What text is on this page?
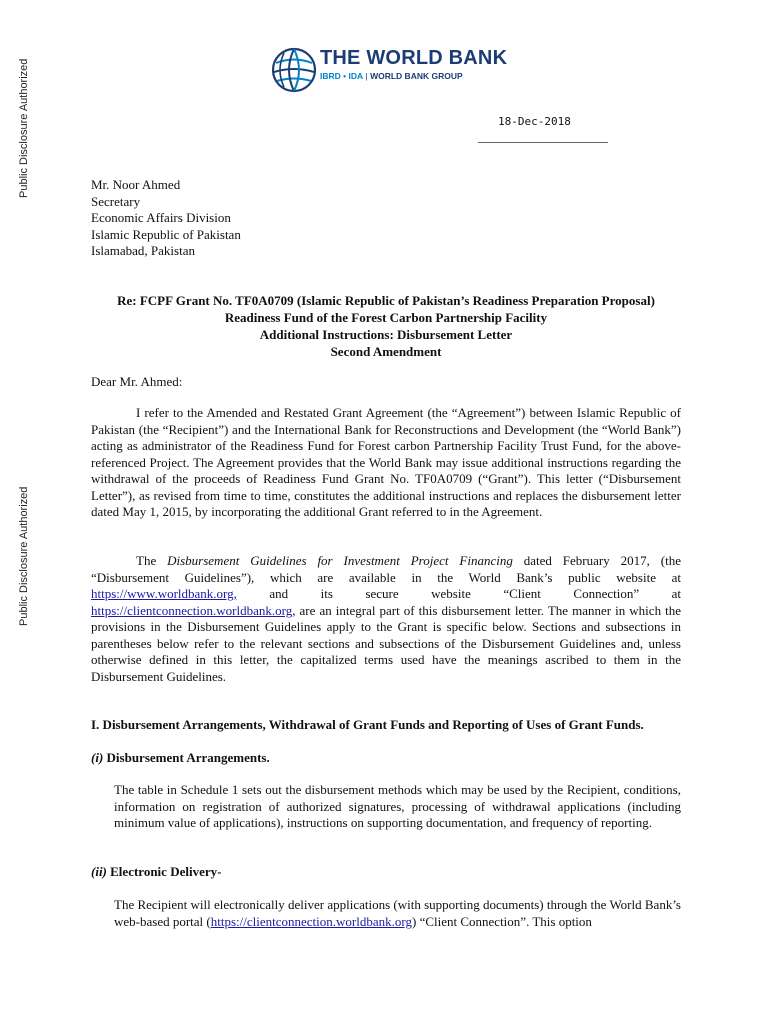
Public Disclosure Authorized
Public Disclosure Authorized
THE WORLD BANK
IBRD • IDA | WORLD BANK GROUP
18-Dec-2018
Mr. Noor Ahmed
Secretary
Economic Affairs Division
Islamic Republic of Pakistan
Islamabad, Pakistan
Re: FCPF Grant No. TF0A0709 (Islamic Republic of Pakistan’s Readiness Preparation Proposal)
Readiness Fund of the Forest Carbon Partnership Facility
Additional Instructions: Disbursement Letter
Second Amendment
Dear Mr. Ahmed:

I refer to the Amended and Restated Grant Agreement (the “Agreement”) between Islamic Republic of Pakistan (the “Recipient”) and the International Bank for Reconstructions and Development (the “World Bank”) acting as administrator of the Readiness Fund for Forest carbon Partnership Facility Trust Fund, for the above-referenced Project. The Agreement provides that the World Bank may issue additional instructions regarding the withdrawal of the proceeds of Readiness Fund Grant No. TF0A0709 (“Grant”). This letter (“Disbursement Letter”), as revised from time to time, constitutes the additional instructions and replaces the disbursement letter dated May 1, 2015, by incorporating the additional Grant referred to in the Agreement.

The Disbursement Guidelines for Investment Project Financing dated February 2017, (the “Disbursement Guidelines”), which are available in the World Bank’s public website at https://www.worldbank.org, and its secure website “Client Connection” at https://clientconnection.worldbank.org, are an integral part of this disbursement letter. The manner in which the provisions in the Disbursement Guidelines apply to the Grant is specific below. Sections and subsections in parentheses below refer to the relevant sections and subsections of the Disbursement Guidelines and, unless otherwise defined in this letter, the capitalized terms used have the meanings ascribed to them in the Disbursement Guidelines.

I. Disbursement Arrangements, Withdrawal of Grant Funds and Reporting of Uses of Grant Funds.
(i) Disbursement Arrangements.

The table in Schedule 1 sets out the disbursement methods which may be used by the Recipient, conditions, information on registration of authorized signatures, processing of withdrawal applications (including minimum value of applications), instructions on supporting documentation, and frequency of reporting.

(ii) Electronic Delivery-

The Recipient will electronically deliver applications (with supporting documents) through the World Bank’s web-based portal (https://clientconnection.worldbank.org) “Client Connection”. This option
